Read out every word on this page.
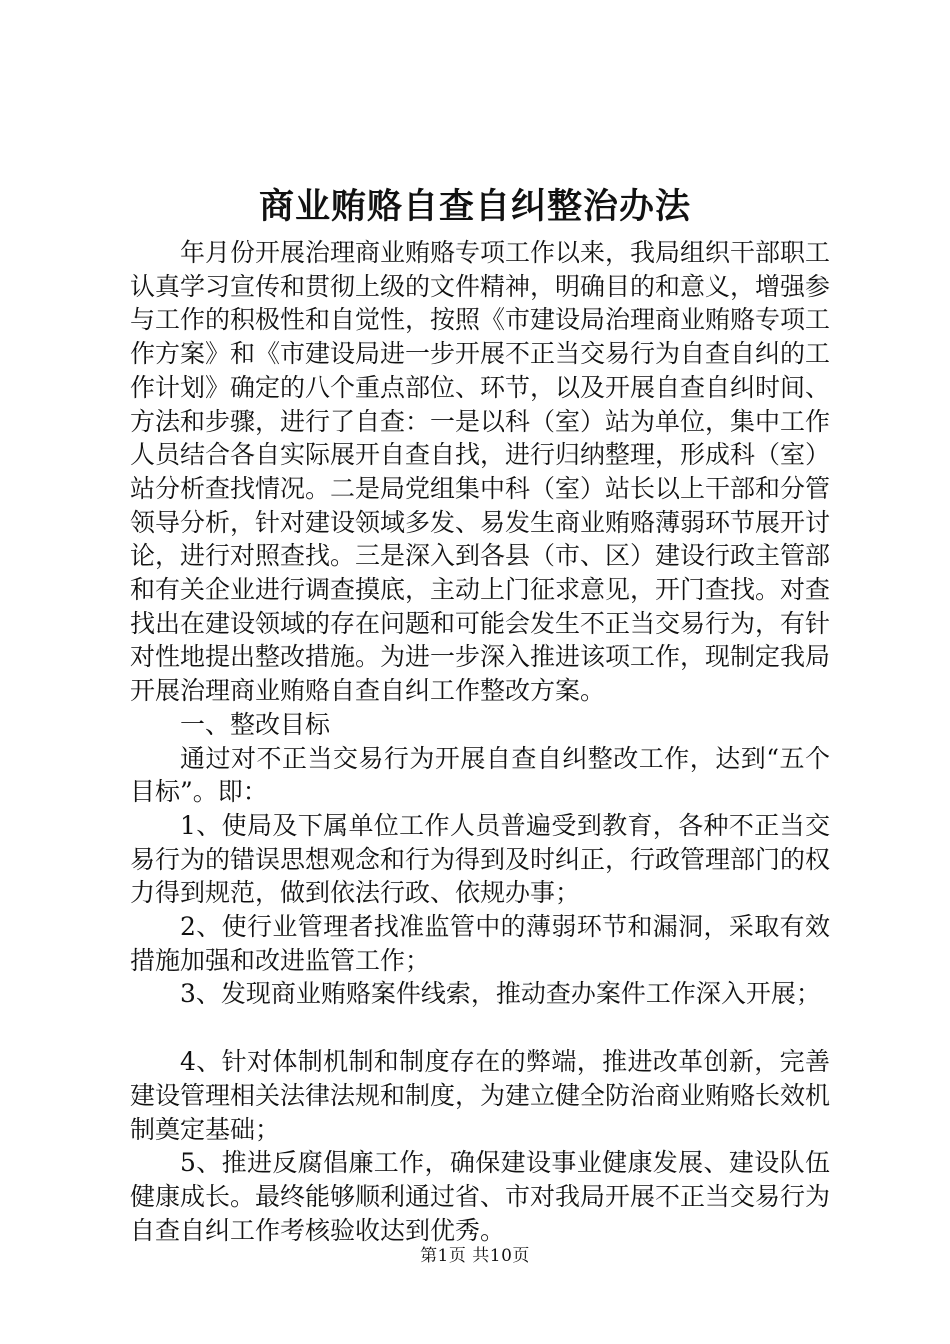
商业贿赂自查自纠整治办法

年月份开展治理商业贿赂专项工作以来，我局组织干部职工认真学习宣传和贯彻上级的文件精神，明确目的和意义，增强参与工作的积极性和自觉性，按照《市建设局治理商业贿赂专项工作方案》和《市建设局进一步开展不正当交易行为自查自纠的工作计划》确定的八个重点部位、环节，以及开展自查自纠时间、方法和步骤，进行了自查：一是以科（室）站为单位，集中工作人员结合各自实际展开自查自找，进行归纳整理，形成科（室）站分析查找情况。二是局党组集中科（室）站长以上干部和分管领导分析，针对建设领域多发、易发生商业贿赂薄弱环节展开讨论，进行对照查找。三是深入到各县（市、区）建设行政主管部和有关企业进行调查摸底，主动上门征求意见，开门查找。对查找出在建设领域的存在问题和可能会发生不正当交易行为，有针对性地提出整改措施。为进一步深入推进该项工作，现制定我局开展治理商业贿赂自查自纠工作整改方案。

一、整改目标

通过对不正当交易行为开展自查自纠整改工作，达到“五个目标”。即：

1、使局及下属单位工作人员普遍受到教育，各种不正当交易行为的错误思想观念和行为得到及时纠正，行政管理部门的权力得到规范，做到依法行政、依规办事；

2、使行业管理者找准监管中的薄弱环节和漏洞，采取有效措施加强和改进监管工作；

3、发现商业贿赂案件线索，推动查办案件工作深入开展；

4、针对体制机制和制度存在的弊端，推进改革创新，完善建设管理相关法律法规和制度，为建立健全防治商业贿赂长效机制奠定基础；

5、推进反腐倡廉工作，确保建设事业健康发展、建设队伍健康成长。最终能够顺利通过省、市对我局开展不正当交易行为自查自纠工作考核验收达到优秀。

第1页 共10页
